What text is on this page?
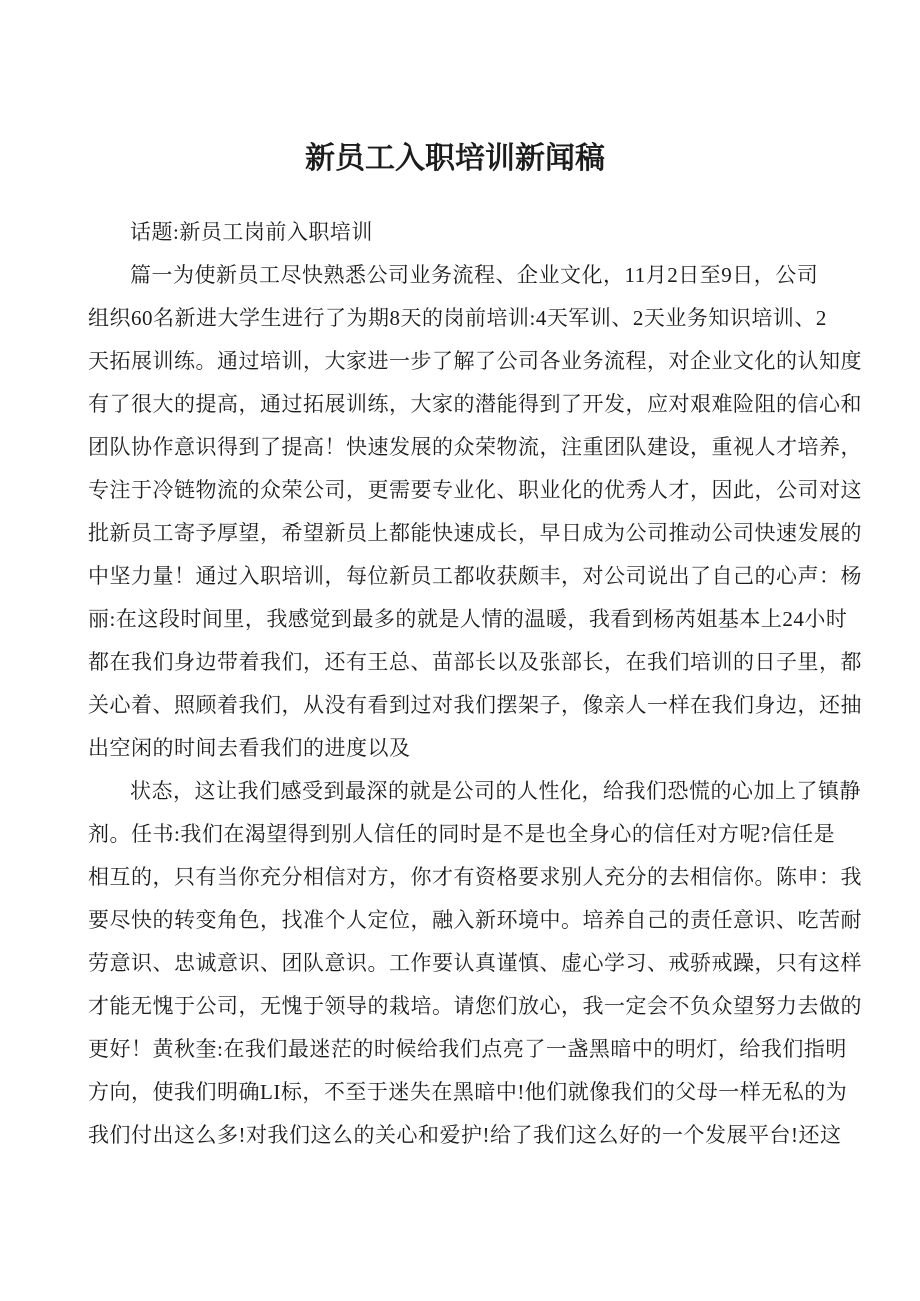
新员工入职培训新闻稿

话题:新员工岗前入职培训

篇一为使新员工尽快熟悉公司业务流程、企业文化，11月2日至9日，公司

组织60名新进大学生进行了为期8天的岗前培训:4天军训、2天业务知识培训、2

天拓展训练。通过培训，大家进一步了解了公司各业务流程，对企业文化的认知度

有了很大的提高，通过拓展训练，大家的潜能得到了开发，应对艰难险阻的信心和

团队协作意识得到了提高！快速发展的众荣物流，注重团队建设，重视人才培养，

专注于冷链物流的众荣公司，更需要专业化、职业化的优秀人才，因此，公司对这

批新员工寄予厚望，希望新员上都能快速成长，早日成为公司推动公司快速发展的

中坚力量！通过入职培训，每位新员工都收获颇丰，对公司说出了自己的心声：杨

丽:在这段时间里，我感觉到最多的就是人情的温暖，我看到杨芮姐基本上24小时

都在我们身边带着我们，还有王总、苗部长以及张部长，在我们培训的日子里，都

关心着、照顾着我们，从没有看到过对我们摆架子，像亲人一样在我们身边，还抽

出空闲的时间去看我们的进度以及

状态，这让我们感受到最深的就是公司的人性化，给我们恐慌的心加上了镇静

剂。任书:我们在渴望得到别人信任的同时是不是也全身心的信任对方呢?信任是

相互的，只有当你充分相信对方，你才有资格要求别人充分的去相信你。陈申：我

要尽快的转变角色，找准个人定位，融入新环境中。培养自己的责任意识、吃苦耐

劳意识、忠诚意识、团队意识。工作要认真谨慎、虚心学习、戒骄戒躁，只有这样

才能无愧于公司，无愧于领导的栽培。请您们放心，我一定会不负众望努力去做的

更好！黄秋奎:在我们最迷茫的时候给我们点亮了一盏黑暗中的明灯，给我们指明

方向，使我们明确LI标，不至于迷失在黑暗中!他们就像我们的父母一样无私的为

我们付出这么多!对我们这么的关心和爱护!给了我们这么好的一个发展平台!还这
